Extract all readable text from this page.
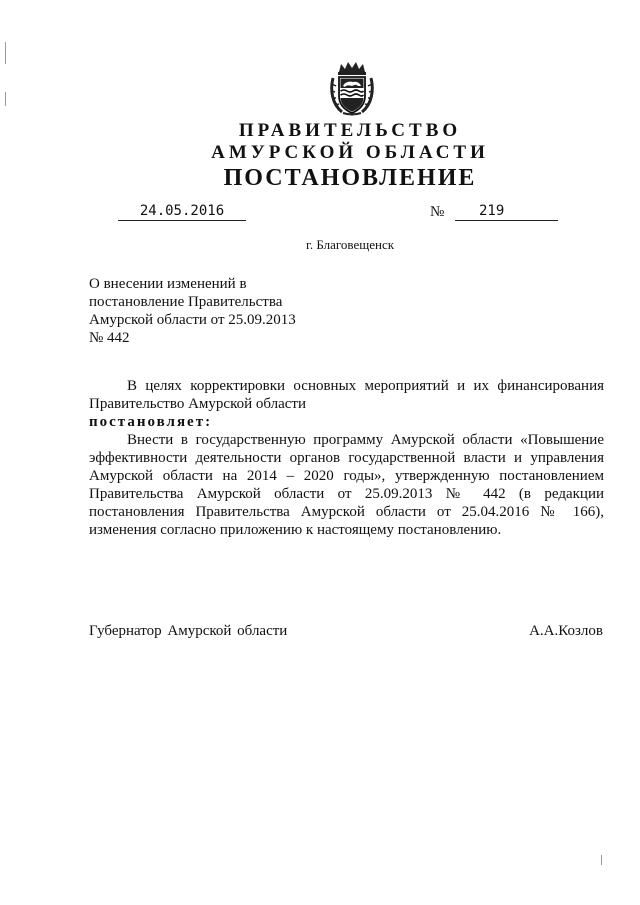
ПРАВИТЕЛЬСТВО
АМУРСКОЙ ОБЛАСТИ
ПОСТАНОВЛЕНИЕ
24.05.2016	№	219
г. Благовещенск
О внесении изменений в
постановление Правительства
Амурской области от 25.09.2013
№ 442
В целях корректировки основных мероприятий и их финансирования Правительство Амурской области
постановляет:
Внести в государственную программу Амурской области «Повышение эффективности деятельности органов государственной власти и управления Амурской области на 2014 – 2020 годы», утвержденную постановлением Правительства Амурской области от 25.09.2013 № 442 (в редакции постановления Правительства Амурской области от 25.04.2016 № 166), изменения согласно приложению к настоящему постановлению.
Губернатор Амурской области	А.А.Козлов
